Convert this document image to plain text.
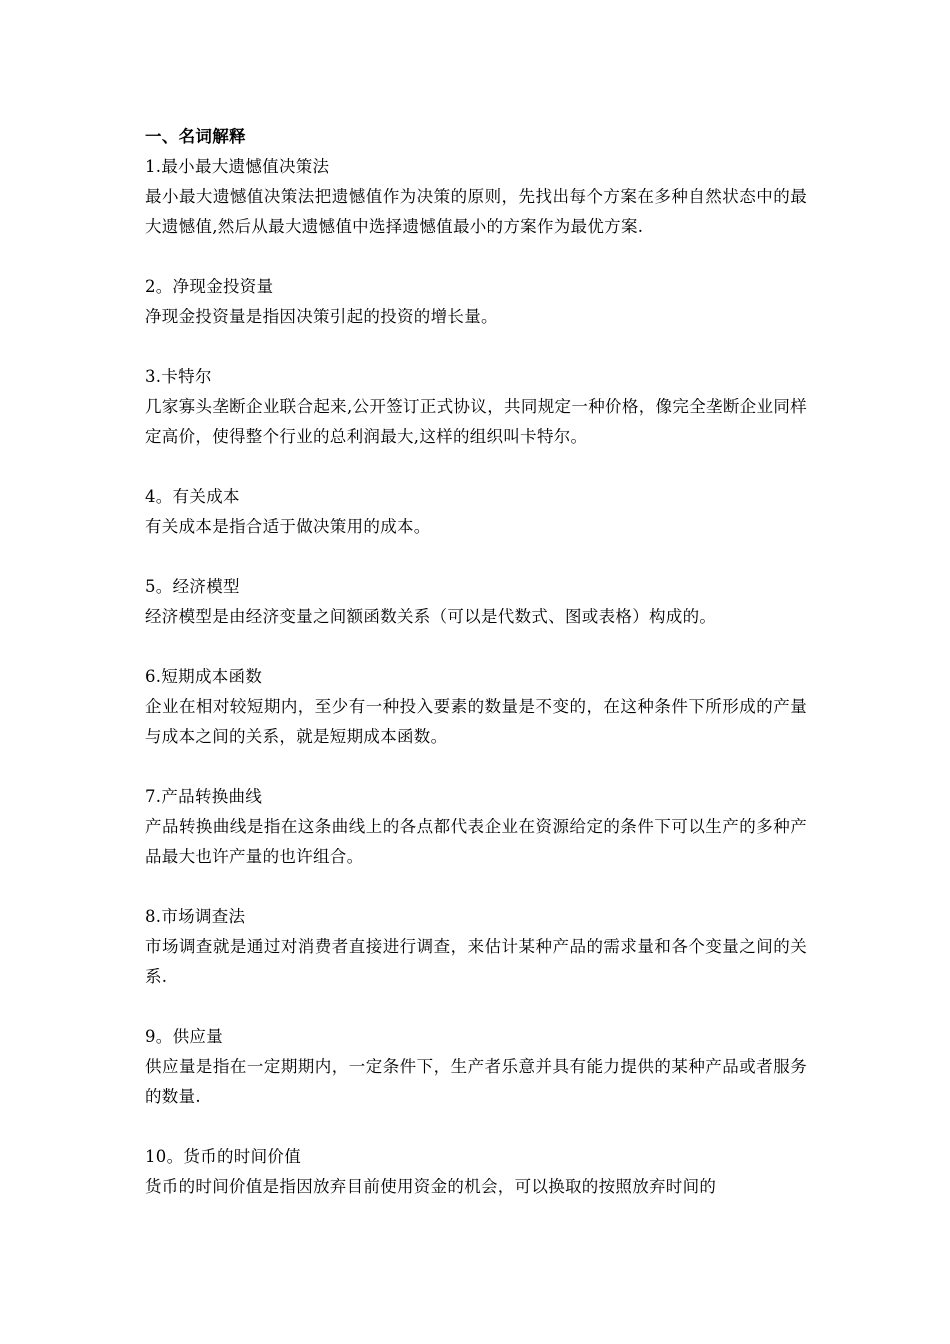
一、名词解释
1.最小最大遗憾值决策法
最小最大遗憾值决策法把遗憾值作为决策的原则，先找出每个方案在多种自然状态中的最大遗憾值,然后从最大遗憾值中选择遗憾值最小的方案作为最优方案.
2。净现金投资量
净现金投资量是指因决策引起的投资的增长量。
3.卡特尔
几家寡头垄断企业联合起来,公开签订正式协议，共同规定一种价格，像完全垄断企业同样定高价，使得整个行业的总利润最大,这样的组织叫卡特尔。
4。有关成本
有关成本是指合适于做决策用的成本。
5。经济模型
经济模型是由经济变量之间额函数关系（可以是代数式、图或表格）构成的。
6.短期成本函数
企业在相对较短期内，至少有一种投入要素的数量是不变的，在这种条件下所形成的产量与成本之间的关系，就是短期成本函数。
7.产品转换曲线
产品转换曲线是指在这条曲线上的各点都代表企业在资源给定的条件下可以生产的多种产品最大也许产量的也许组合。
8.市场调查法
市场调查就是通过对消费者直接进行调查，来估计某种产品的需求量和各个变量之间的关系.
9。供应量
供应量是指在一定期期内，一定条件下，生产者乐意并具有能力提供的某种产品或者服务的数量.
10。货币的时间价值
货币的时间价值是指因放弃目前使用资金的机会，可以换取的按照放弃时间的
